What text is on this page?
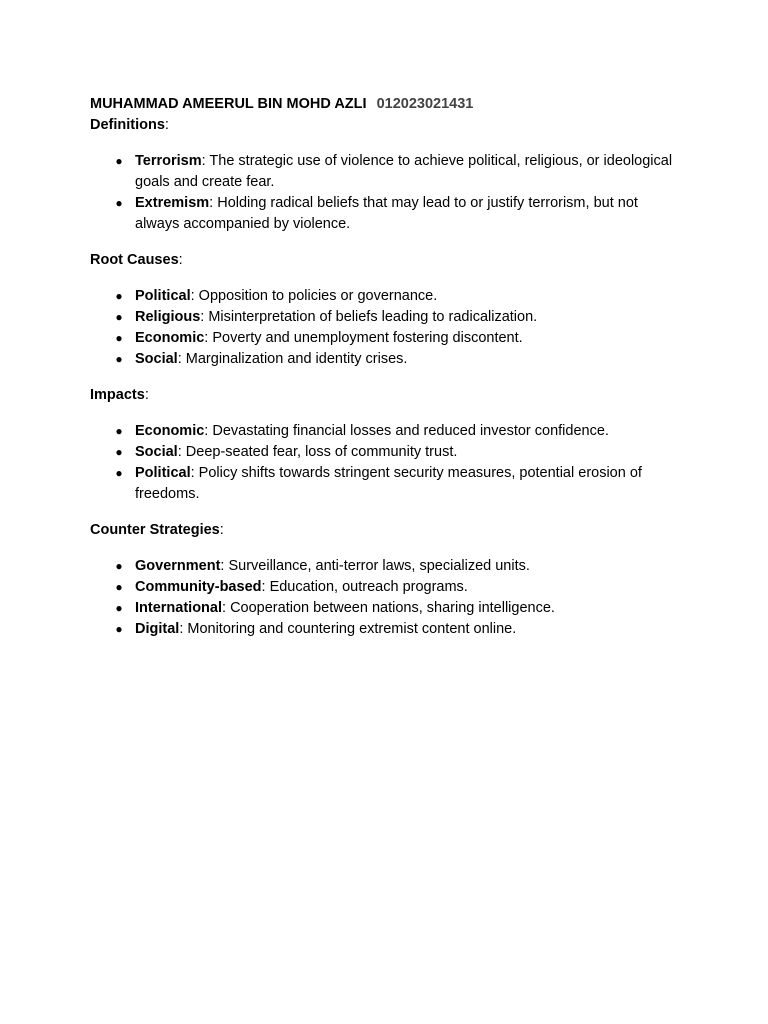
MUHAMMAD AMEERUL BIN MOHD AZLI 012023021431

Definitions:

● Terrorism: The strategic use of violence to achieve political, religious, or ideological goals and create fear.
● Extremism: Holding radical beliefs that may lead to or justify terrorism, but not always accompanied by violence.

Root Causes:

● Political: Opposition to policies or governance.
● Religious: Misinterpretation of beliefs leading to radicalization.
● Economic: Poverty and unemployment fostering discontent.
● Social: Marginalization and identity crises.

Impacts:

● Economic: Devastating financial losses and reduced investor confidence.
● Social: Deep-seated fear, loss of community trust.
● Political: Policy shifts towards stringent security measures, potential erosion of freedoms.

Counter Strategies:

● Government: Surveillance, anti-terror laws, specialized units.
● Community-based: Education, outreach programs.
● International: Cooperation between nations, sharing intelligence.
● Digital: Monitoring and countering extremist content online.
